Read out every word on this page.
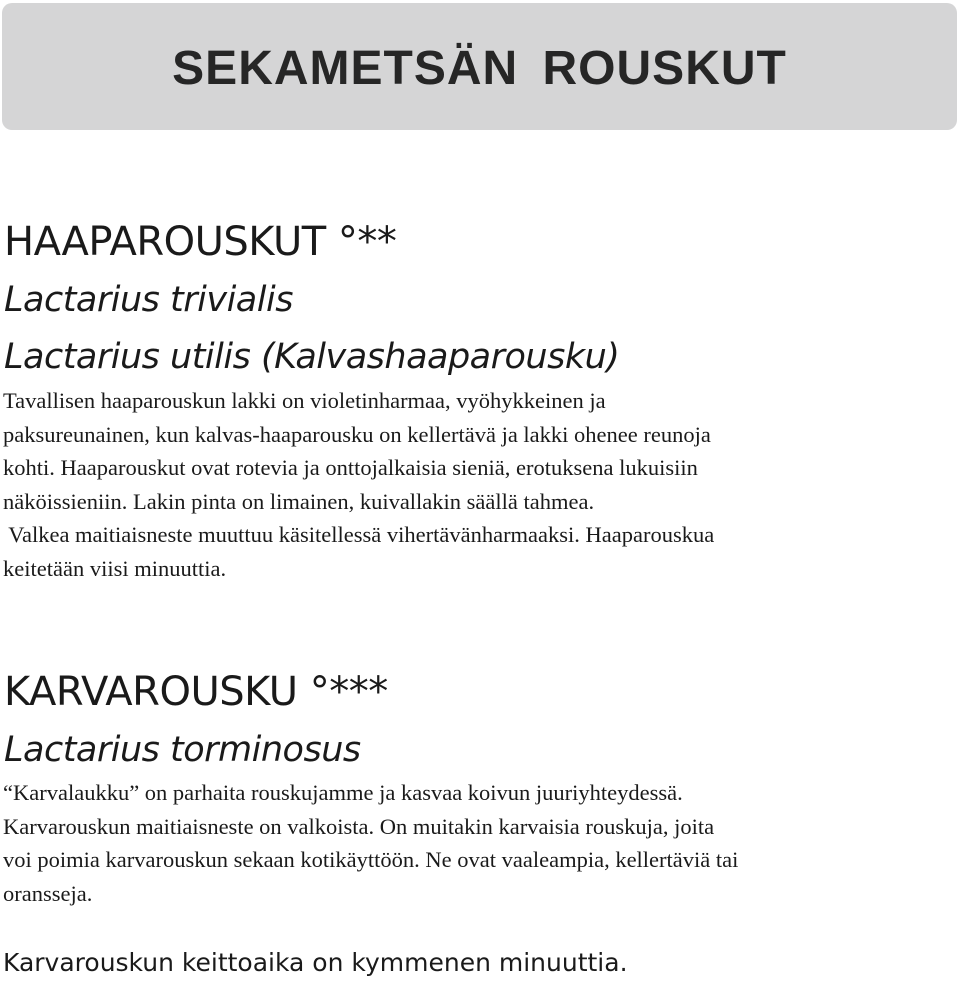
SEKAMETSÄN ROUSKUT
HAAPAROUSKUT °**
Lactarius trivialis
Lactarius utilis (Kalvashaaparousku)
Tavallisen haaparouskun lakki on violetinharmaa, vyöhykkeinen ja
paksureunainen, kun kalvas-haaparousku on kellertävä ja lakki ohenee reunoja
kohti. Haaparouskut ovat rotevia ja onttojalkaisia sieniä, erotuksena lukuisiin
näköissieniin. Lakin pinta on limainen, kuivallakin säällä tahmea.
Valkea maitiaisneste muuttuu käsitellessä vihertävänharmaaksi. Haaparouskua
keitetään viisi minuuttia.
KARVAROUSKU °***
Lactarius torminosus
“Karvalaukku” on parhaita rouskujamme ja kasvaa koivun juuriyhteydessä.
Karvarouskun maitiaisneste on valkoista. On muitakin karvaisia rouskuja, joita
voi poimia karvarouskun sekaan kotikäyttöön. Ne ovat vaaleampia, kellertäviä tai
oransseja.
Karvarouskun keittoaika on kymmenen minuuttia.
